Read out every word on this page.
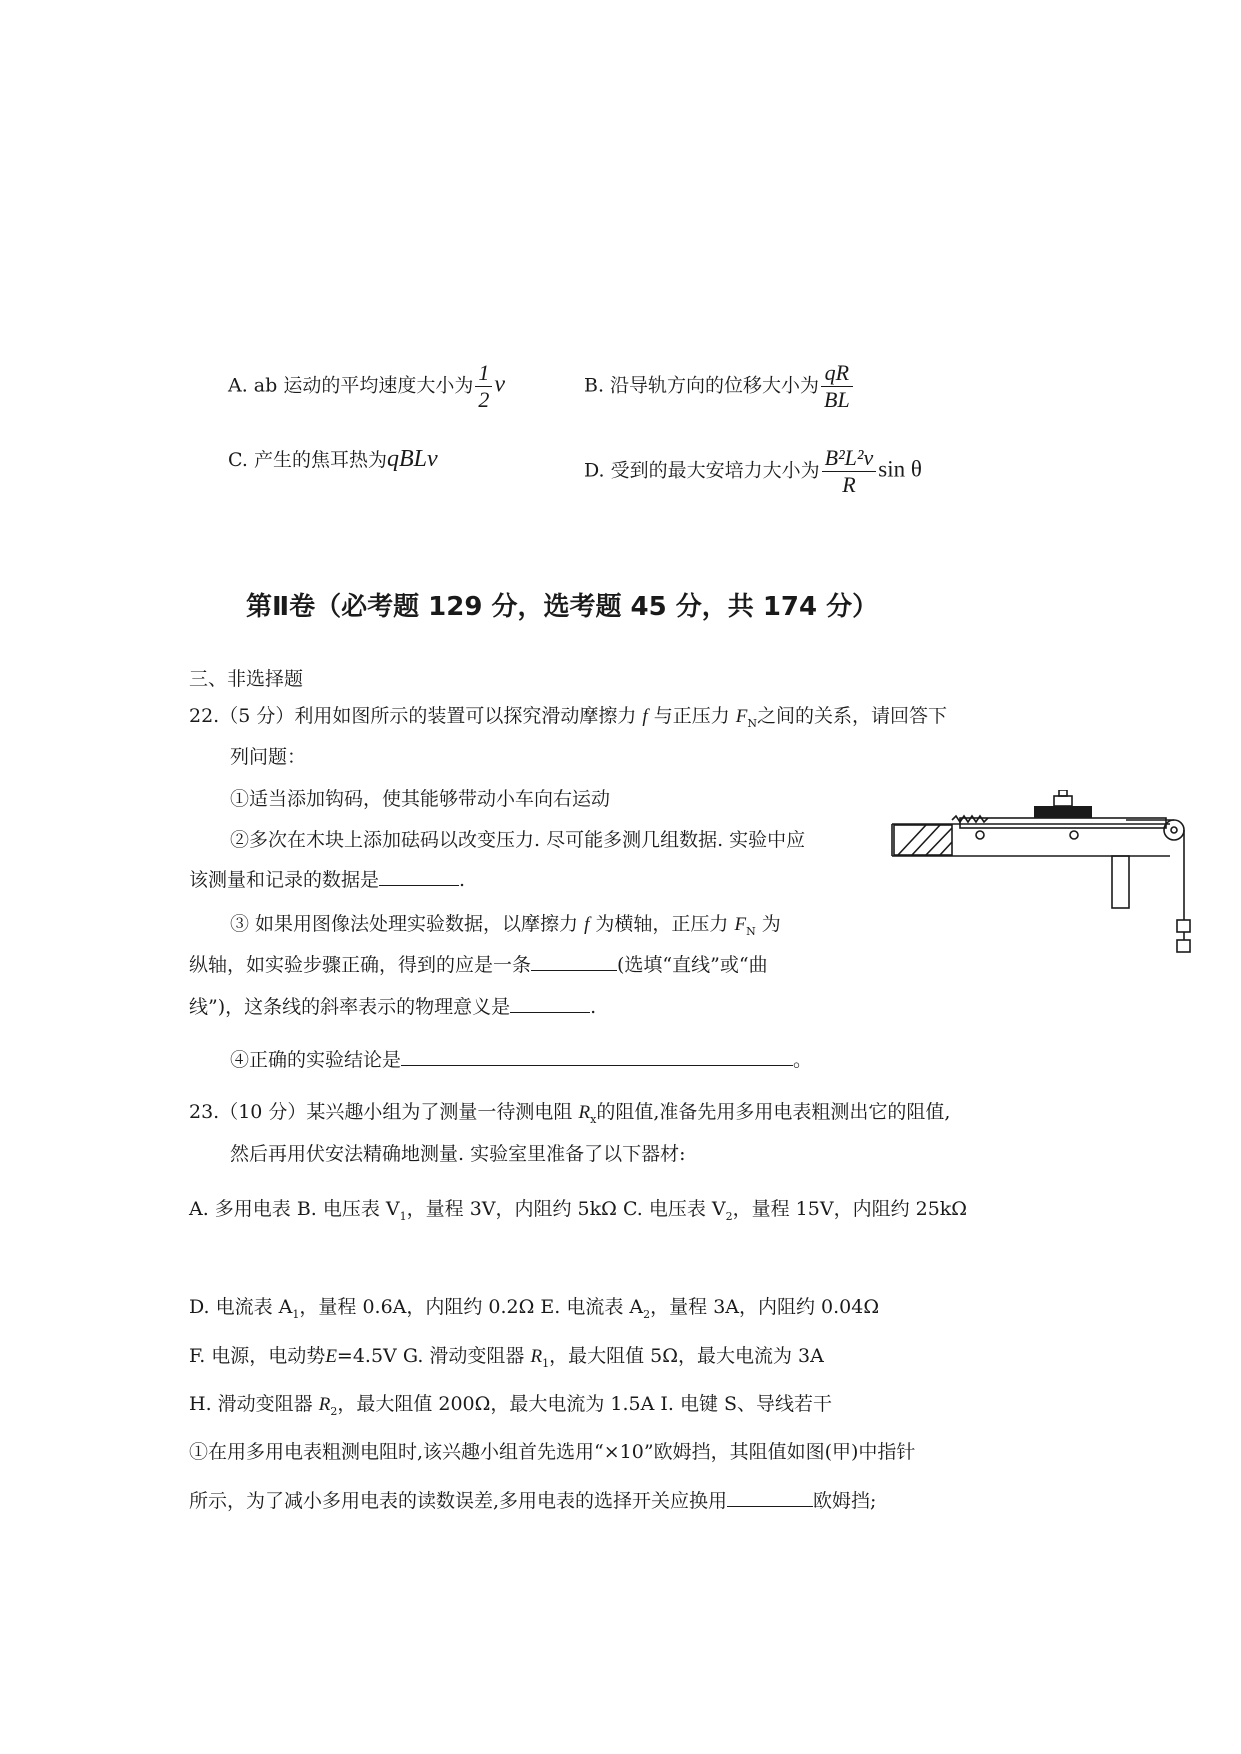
A. ab 运动的平均速度大小为 $\frac{1}{2}$ v	B. 沿导轨方向的位移大小为 $\frac{qR}{BL}$
C. 产生的焦耳热为qBLv	D. 受到的最大安培力大小为 $\frac{\text{B²L²v}}{R}$ sin θ
第Ⅱ卷（必考题 129 分，选考题 45 分，共 174 分）
三、非选择题
22.（5 分）利用如图所示的装置可以探究滑动摩擦力 f 与正压力 $F_N$之间的关系，请回答下
列问题：
①适当添加钩码，使其能够带动小车向右运动
②多次在木块上添加砝码以改变压力. 尽可能多测几组数据. 实验中应
该测量和记录的数据是	.
③ 如果用图像法处理实验数据，以摩擦力 f 为横轴，正压力 $F_N$ 为
纵轴，如实验步骤正确，得到的应是一条	(选填“直线”或“曲
线”)，这条线的斜率表示的物理意义是	.
④正确的实验结论是	。
23.（10 分）某兴趣小组为了测量一待测电阻 $R_x$的阻值,准备先用多用电表粗测出它的阻值,
然后再用伏安法精确地测量. 实验室里准备了以下器材:
A. 多用电表 B. 电压表 $V_1$，量程 3V，内阻约 5kΩ C. 电压表 $V_2$，量程 15V，内阻约 25kΩ
D. 电流表 $A_1$，量程 0.6A，内阻约 0.2Ω E. 电流表 $A_2$，量程 3A，内阻约 0.04Ω
F. 电源，电动势E=4.5V G. 滑动变阻器 $R_1$，最大阻值 5Ω，最大电流为 3A
H. 滑动变阻器 $R_2$，最大阻值 200Ω，最大电流为 1.5A I. 电键 S、导线若干
①在用多用电表粗测电阻时,该兴趣小组首先选用“×10”欧姆挡，其阻值如图(甲)中指针
所示，为了减小多用电表的读数误差,多用电表的选择开关应换用	欧姆挡;
